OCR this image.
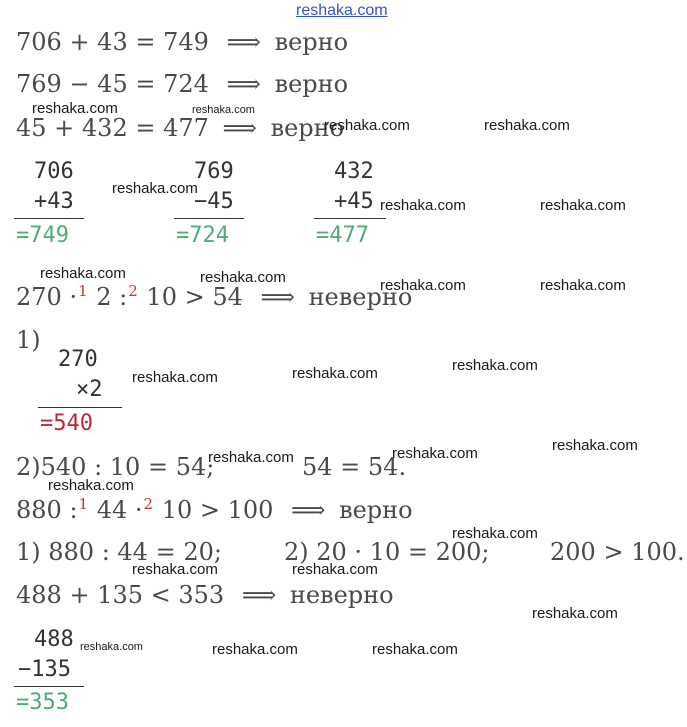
reshaka.com
706 + 43 = 749 ⟹ верно
769 − 45 = 724 ⟹ верно
45 + 432 = 477 ⟹ верно
706
+43
=749
769
−45
=724
432
+45
=477
270 ·$^1$ 2 :$^2$ 10 > 54 ⟹ неверно
1)
270
×2
=540
2)540 : 10 = 54;	54 = 54.
880 :$^1$ 44 ·$^2$ 10 > 100 ⟹ верно
1) 880 : 44 = 20;	2) 20 · 10 = 200;	200 > 100.
488 + 135 < 353 ⟹ неверно
488
−135
=353
reshaka.com	reshaka.com
reshaka.com	reshaka.com
reshaka.com
reshaka.com	reshaka.com
reshaka.com	reshaka.com	reshaka.com	reshaka.com
reshaka.com
reshaka.com
reshaka.com
reshaka.com
reshaka.com
reshaka.com
reshaka.com
reshaka.com
reshaka.com	reshaka.com
reshaka.com
reshaka.com	reshaka.com	reshaka.com
